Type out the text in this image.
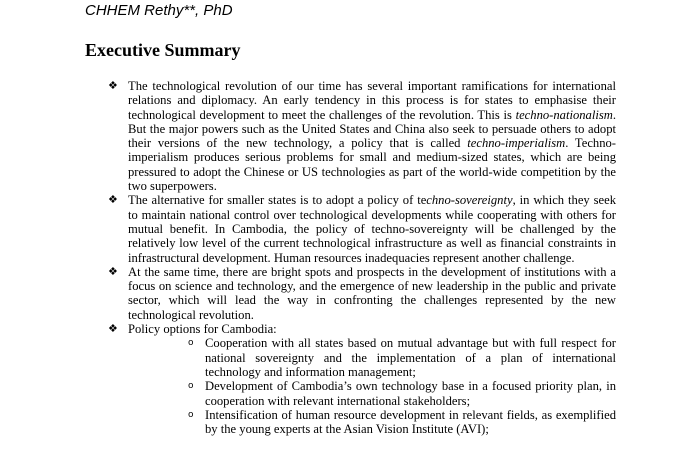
CHHEM Rethy**, PhD
Executive Summary
❖ The technological revolution of our time has several important ramifications for international relations and diplomacy. An early tendency in this process is for states to emphasise their technological development to meet the challenges of the revolution. This is techno-nationalism. But the major powers such as the United States and China also seek to persuade others to adopt their versions of the new technology, a policy that is called techno-imperialism. Techno-imperialism produces serious problems for small and medium-sized states, which are being pressured to adopt the Chinese or US technologies as part of the world-wide competition by the two superpowers.
❖ The alternative for smaller states is to adopt a policy of techno-sovereignty, in which they seek to maintain national control over technological developments while cooperating with others for mutual benefit. In Cambodia, the policy of techno-sovereignty will be challenged by the relatively low level of the current technological infrastructure as well as financial constraints in infrastructural development. Human resources inadequacies represent another challenge.
❖ At the same time, there are bright spots and prospects in the development of institutions with a focus on science and technology, and the emergence of new leadership in the public and private sector, which will lead the way in confronting the challenges represented by the new technological revolution.
❖ Policy options for Cambodia:
o Cooperation with all states based on mutual advantage but with full respect for national sovereignty and the implementation of a plan of international technology and information management;
o Development of Cambodia’s own technology base in a focused priority plan, in cooperation with relevant international stakeholders;
o Intensification of human resource development in relevant fields, as exemplified by the young experts at the Asian Vision Institute (AVI);
